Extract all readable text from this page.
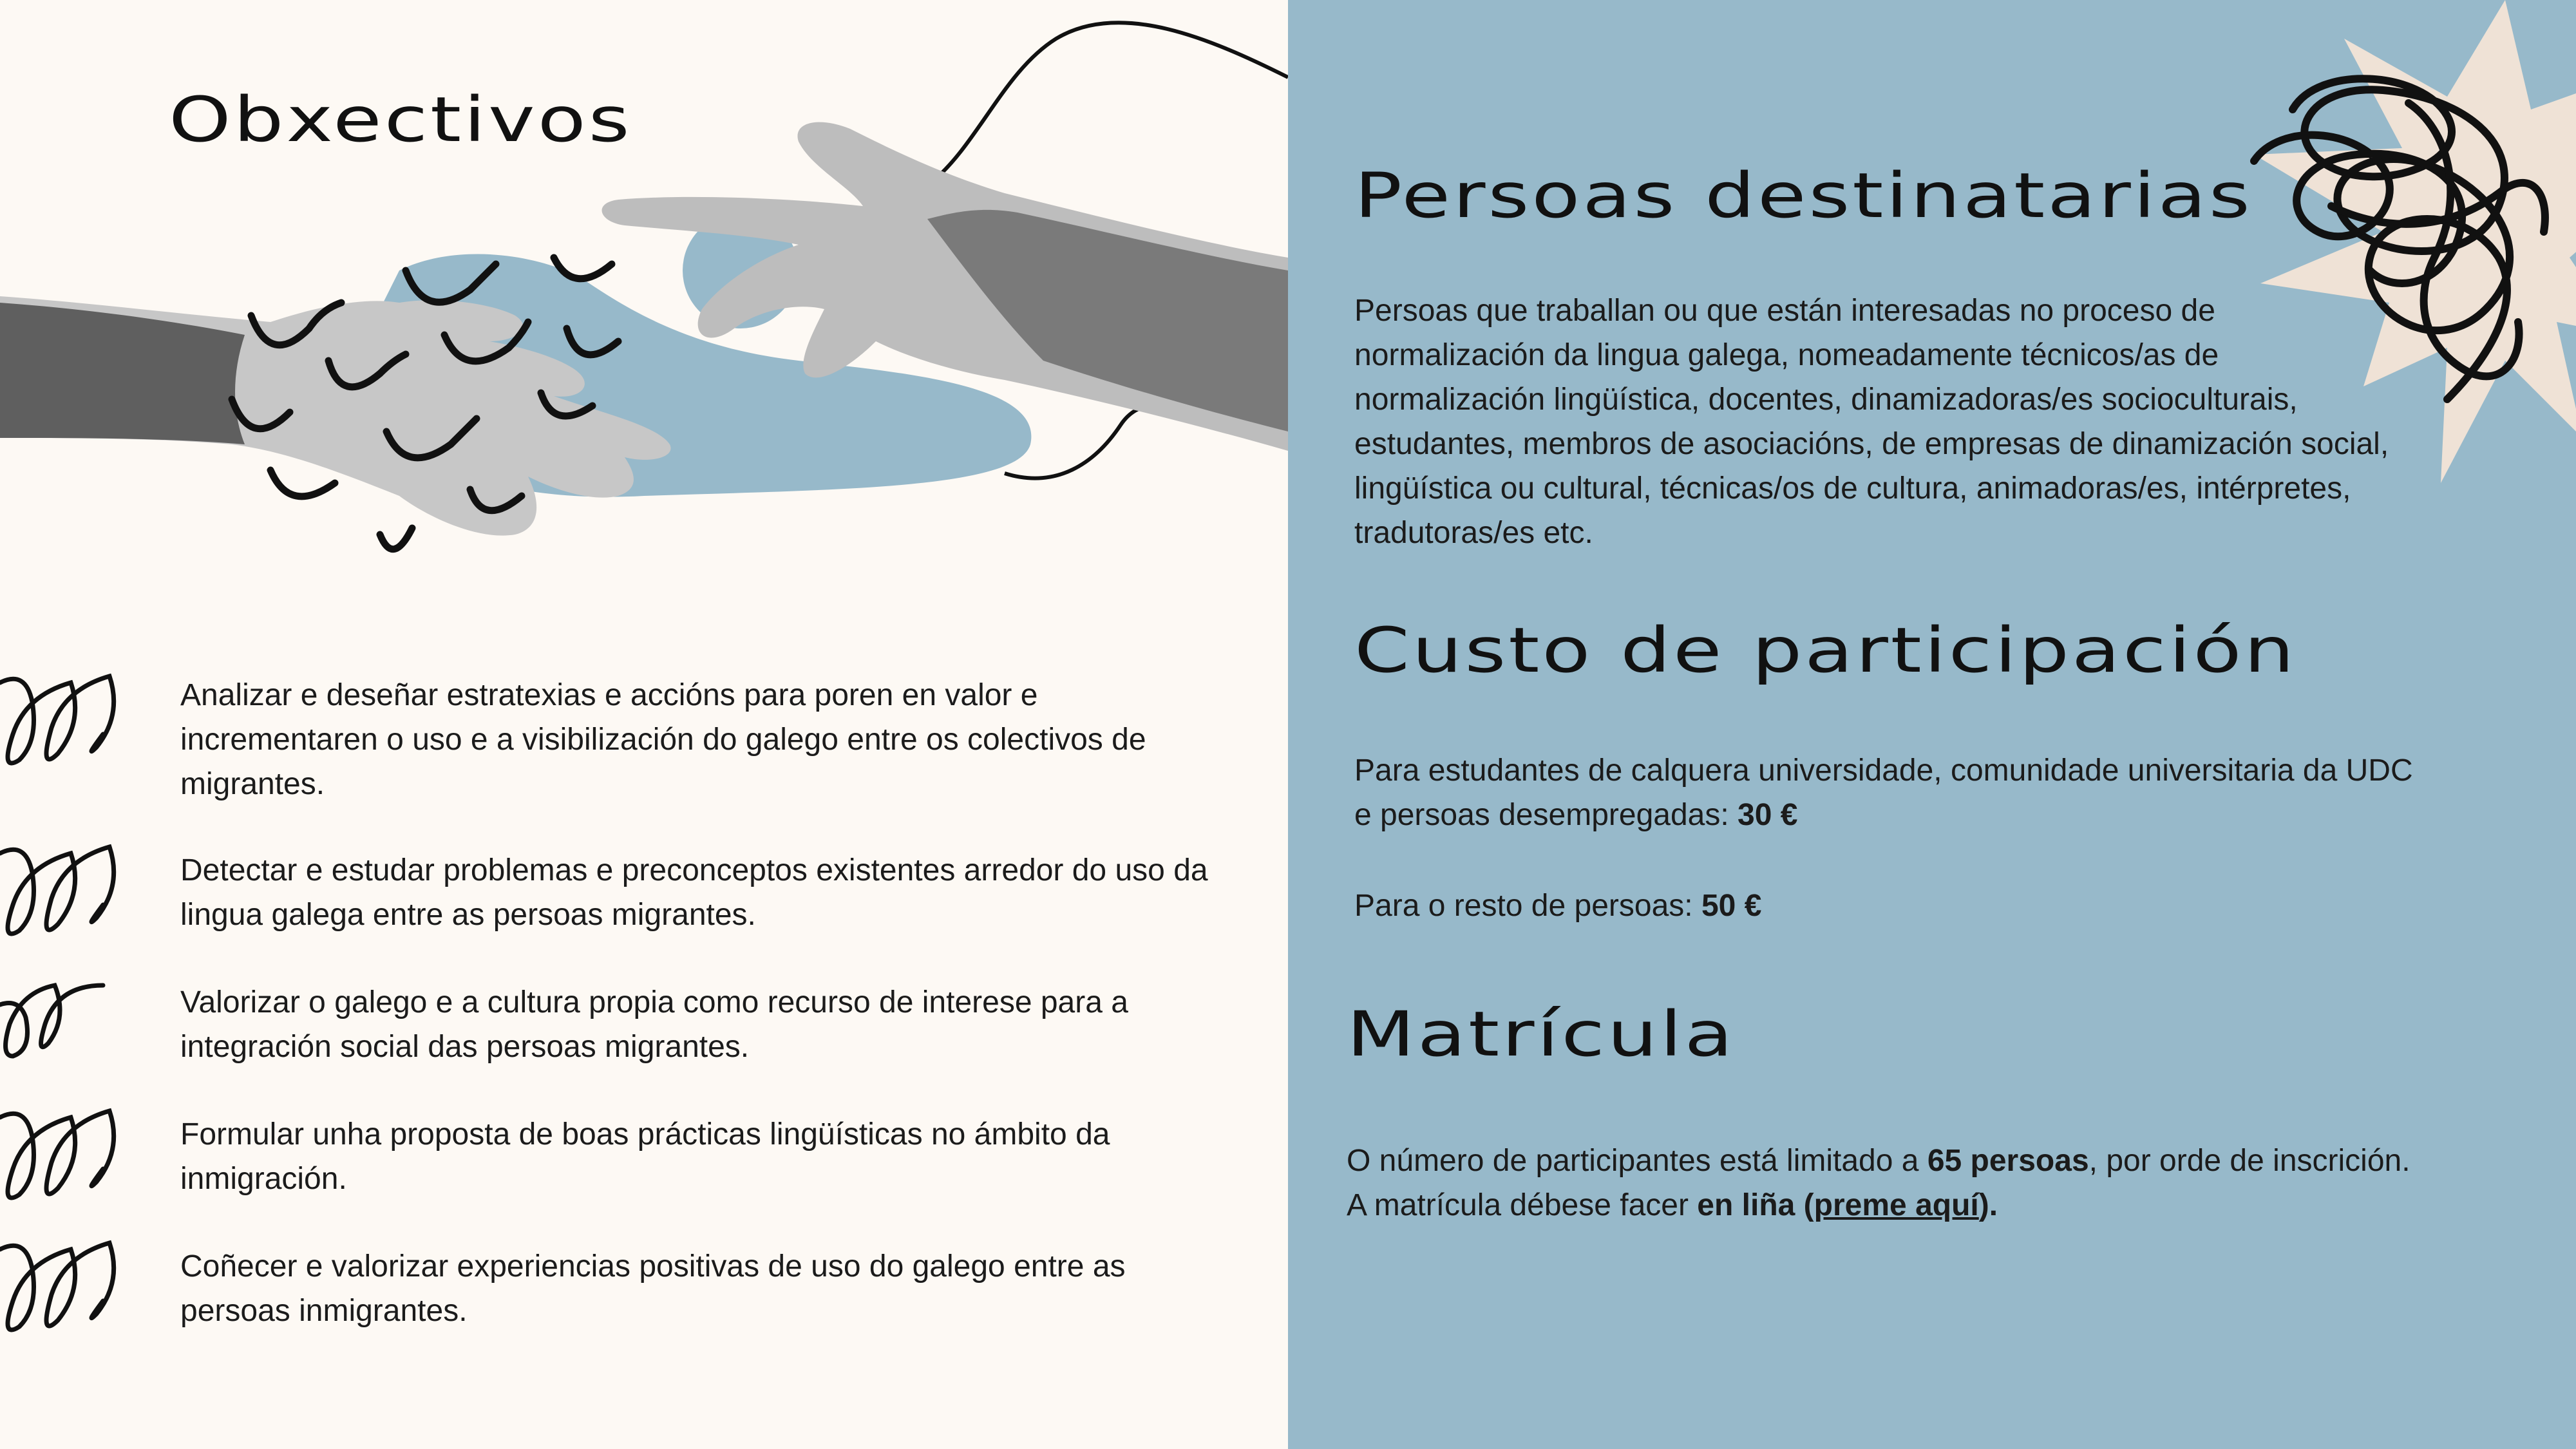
Obxectivos

Analizar e deseñar estratexias e accións para poren en valor e incrementaren o uso e a visibilización do galego entre os colectivos de migrantes.

Detectar e estudar problemas e preconceptos existentes arredor do uso da lingua galega entre as persoas migrantes.

Valorizar o galego e a cultura propia como recurso de interese para a integración social das persoas migrantes.

Formular unha proposta de boas prácticas lingüísticas no ámbito da inmigración.

Coñecer e valorizar experiencias positivas de uso do galego entre as persoas inmigrantes.

Persoas destinatarias

Persoas que traballan ou que están interesadas no proceso de normalización da lingua galega, nomeadamente técnicos/as de normalización lingüística, docentes, dinamizadoras/es socioculturais, estudantes, membros de asociacións, de empresas de dinamización social, lingüística ou cultural, técnicas/os de cultura, animadoras/es, intérpretes, tradutoras/es etc.

Custo de participación

Para estudantes de calquera universidade, comunidade universitaria da UDC e persoas desempregadas: 30 €

Para o resto de persoas: 50 €

Matrícula

O número de participantes está limitado a 65 persoas, por orde de inscrición.
A matrícula débese facer en liña (preme aquí).
